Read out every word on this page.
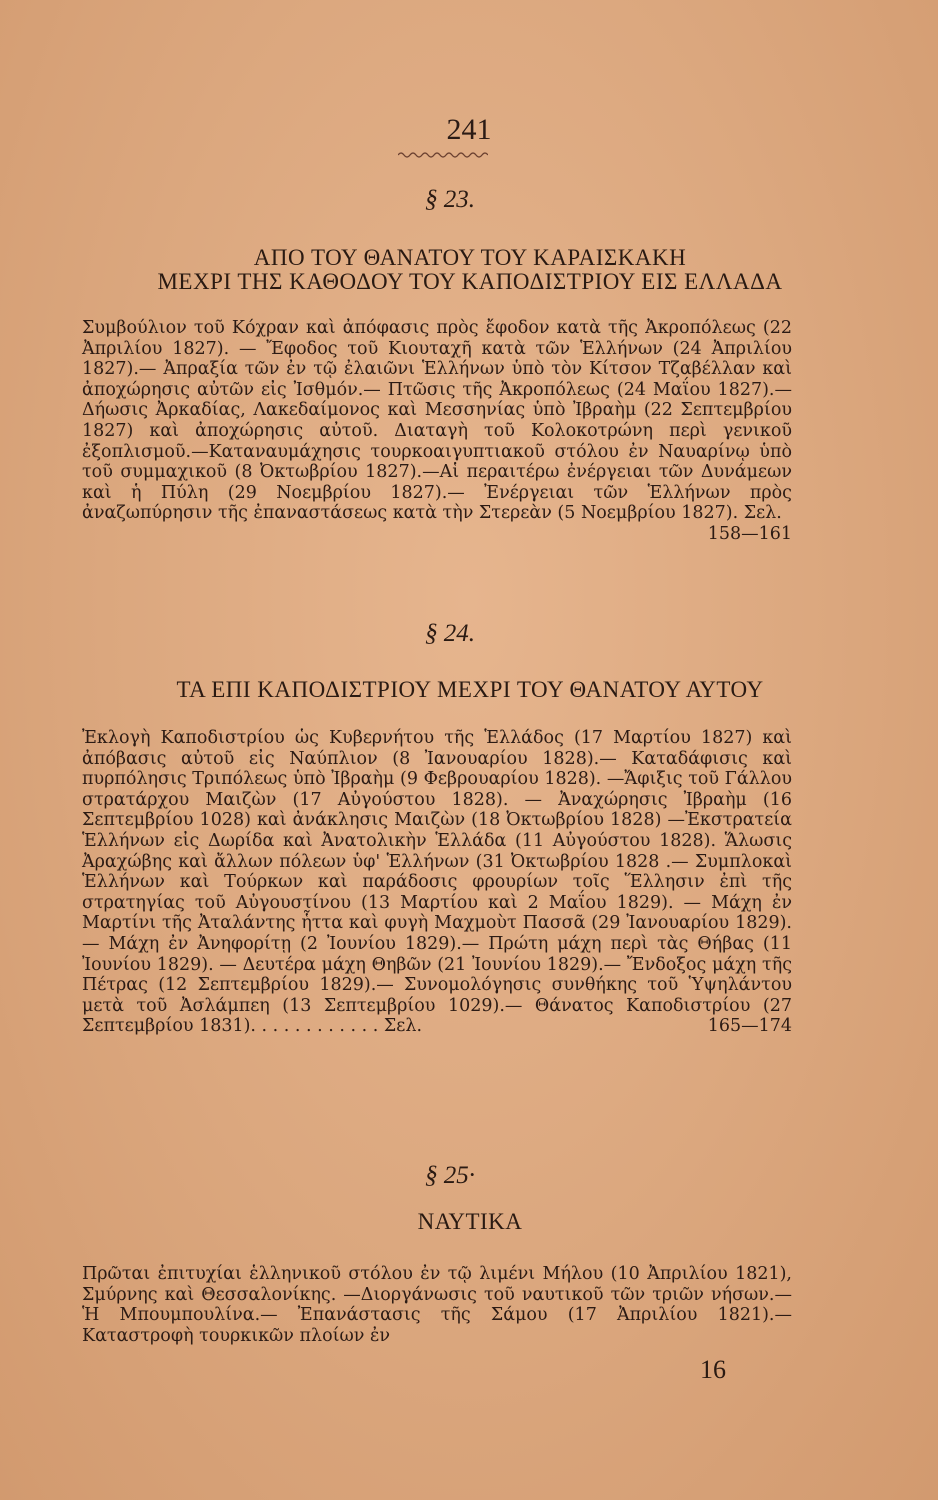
241
§ 23.
ΑΠΟ ΤΟΥ ΘΑΝΑΤΟΥ ΤΟΥ ΚΑΡΑΙΣΚΑΚΗ
ΜΕΧΡΙ ΤΗΣ ΚΑΘΟΔΟΥ ΤΟΥ ΚΑΠΟΔΙΣΤΡΙΟΥ ΕΙΣ ΕΛΛΑΔΑ
Συμβούλιον τοῦ Κόχραν καὶ ἀπόφασις πρὸς ἔφοδον κατὰ τῆς Ἀκροπόλεως (22 Ἀπριλίου 1827). — Ἔφοδος τοῦ Κιουταχῆ κατὰ τῶν Ἑλλήνων (24 Ἀπριλίου 1827).— Ἀπραξία τῶν ἐν τῷ ἐλαιῶνι Ἑλλήνων ὑπὸ τὸν Κίτσον Τζαβέλλαν καὶ ἀποχώρησις αὐτῶν εἰς Ἰσθμόν.— Πτῶσις τῆς Ἀκροπόλεως (24 Μαΐου 1827).— Δήωσις Ἀρκαδίας, Λακεδαίμονος καὶ Μεσσηνίας ὑπὸ Ἰβραὴμ (22 Σεπτεμβρίου 1827) καὶ ἀποχώρησις αὐτοῦ. Διαταγὴ τοῦ Κολοκοτρώνη περὶ γενικοῦ ἐξοπλισμοῦ.—Καταναυμάχησις τουρκοαιγυπτιακοῦ στόλου ἐν Ναυαρίνῳ ὑπὸ τοῦ συμμαχικοῦ (8 Ὀκτωβρίου 1827).—Αἱ περαιτέρω ἐνέργειαι τῶν Δυνάμεων καὶ ἡ Πύλη (29 Νοεμβρίου 1827).— Ἐνέργειαι τῶν Ἑλλήνων πρὸς ἀναζωπύρησιν τῆς ἐπαναστάσεως κατὰ τὴν Στερεὰν (5 Νοεμβρίου 1827). Σελ.
158—161
§ 24.
ΤΑ ΕΠΙ ΚΑΠΟΔΙΣΤΡΙΟΥ ΜΕΧΡΙ ΤΟΥ ΘΑΝΑΤΟΥ ΑΥΤΟΥ
Ἐκλογὴ Καποδιστρίου ὡς Κυβερνήτου τῆς Ἑλλάδος (17 Μαρτίου 1827) καὶ ἀπόβασις αὐτοῦ εἰς Ναύπλιον (8 Ἰανουαρίου 1828).— Καταδάφισις καὶ πυρπόλησις Τριπόλεως ὑπὸ Ἰβραὴμ (9 Φεβρουαρίου 1828). —Ἄφιξις τοῦ Γάλλου στρατάρχου Μαιζὼν (17 Αὐγούστου 1828). — Ἀναχώρησις Ἰβραὴμ (16 Σεπτεμβρίου 1028) καὶ ἀνάκλησις Μαιζὼν (18 Ὀκτωβρίου 1828) —Ἐκστρατεία Ἑλλήνων εἰς Δωρίδα καὶ Ἀνατολικὴν Ἑλλάδα (11 Αὐγούστου 1828). Ἅλωσις Ἀραχώβης καὶ ἄλλων πόλεων ὑφ' Ἑλλήνων (31 Ὀκτωβρίου 1828 .— Συμπλοκαὶ Ἑλλήνων καὶ Τούρκων καὶ παράδοσις φρουρίων τοῖς Ἕλλησιν ἐπὶ τῆς στρατηγίας τοῦ Αὐγουστίνου (13 Μαρτίου καὶ 2 Μαΐου 1829). — Μάχη ἐν Μαρτίνι τῆς Ἀταλάντης ἧττα καὶ φυγὴ Μαχμοὺτ Πασσᾶ (29 Ἰανουαρίου 1829).— Μάχη ἐν Ἀνηφορίτῃ (2 Ἰουνίου 1829).— Πρώτη μάχη περὶ τὰς Θήβας (11 Ἰουνίου 1829). — Δευτέρα μάχη Θηβῶν (21 Ἰουνίου 1829).— Ἔνδοξος μάχη τῆς Πέτρας (12 Σεπτεμβρίου 1829).— Συνομολόγησις συνθήκης τοῦ Ὑψηλάντου μετὰ τοῦ Ἀσλάμπεη (13 Σεπτεμβρίου 1029).— Θάνατος Καποδιστρίου (27 Σεπτεμβρίου 1831). . . . . . . . . . . . Σελ.	165—174
§ 25·
ΝΑΥΤΙΚΑ
Πρῶται ἐπιτυχίαι ἑλληνικοῦ στόλου ἐν τῷ λιμένι Μήλου (10 Ἀπριλίου 1821), Σμύρνης καὶ Θεσσαλονίκης. —Διοργάνωσις τοῦ ναυτικοῦ τῶν τριῶν νήσων.— Ἡ Μπουμπουλίνα.— Ἐπανάστασις τῆς Σάμου (17 Ἀπριλίου 1821).—Καταστροφὴ τουρκικῶν πλοίων ἐν
16
